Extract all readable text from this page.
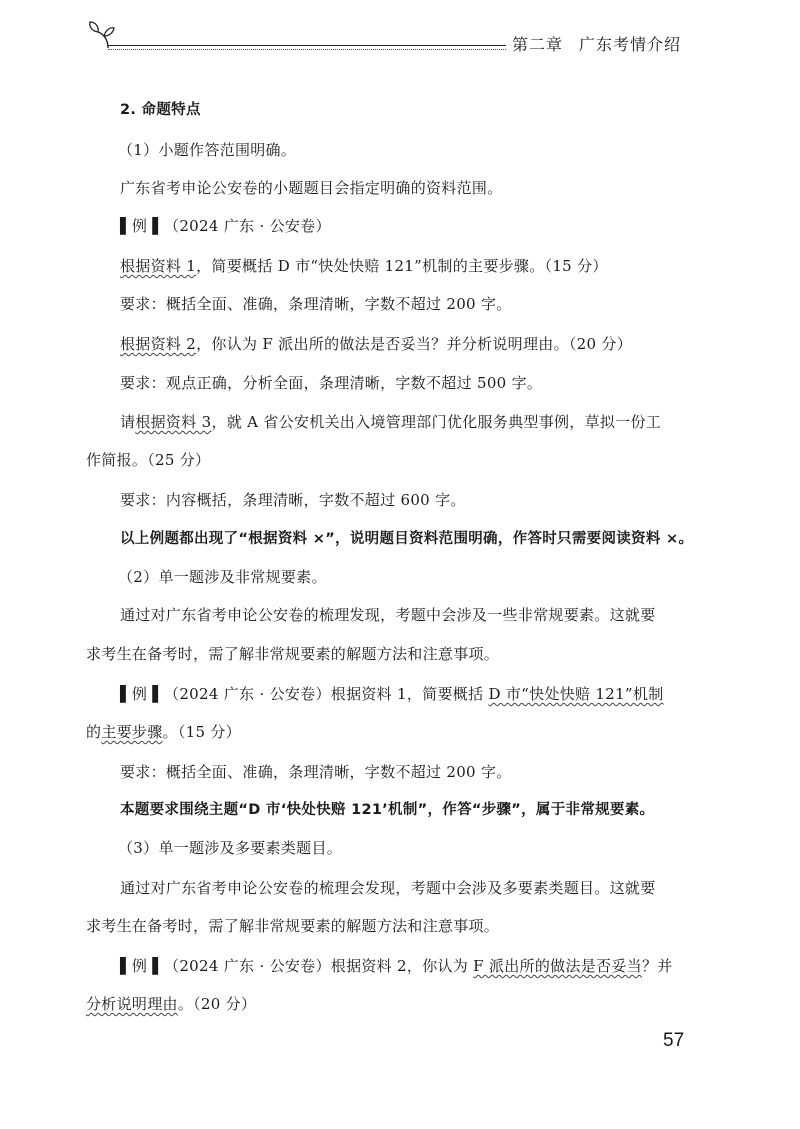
第二章 广东考情介绍
2. 命题特点
（1）小题作答范围明确。
广东省考申论公安卷的小题题目会指定明确的资料范围。
▌例 ▌（2024 广东 · 公安卷）
根据资料 1，简要概括 D 市“快处快赔 121”机制的主要步骤。（15 分）
要求：概括全面、准确，条理清晰，字数不超过 200 字。
根据资料 2，你认为 F 派出所的做法是否妥当？并分析说明理由。（20 分）
要求：观点正确，分析全面，条理清晰，字数不超过 500 字。
请根据资料 3，就 A 省公安机关出入境管理部门优化服务典型事例，草拟一份工
作简报。（25 分）
要求：内容概括，条理清晰，字数不超过 600 字。
以上例题都出现了“根据资料 ×”，说明题目资料范围明确，作答时只需要阅读资料 ×。
（2）单一题涉及非常规要素。
通过对广东省考申论公安卷的梳理发现，考题中会涉及一些非常规要素。这就要
求考生在备考时，需了解非常规要素的解题方法和注意事项。
▌例 ▌（2024 广东 · 公安卷）根据资料 1，简要概括 D 市“快处快赔 121”机制
的主要步骤。（15 分）
要求：概括全面、准确，条理清晰，字数不超过 200 字。
本题要求围绕主题“D 市‘快处快赔 121’机制”，作答“步骤”，属于非常规要素。
（3）单一题涉及多要素类题目。
通过对广东省考申论公安卷的梳理会发现，考题中会涉及多要素类题目。这就要
求考生在备考时，需了解非常规要素的解题方法和注意事项。
▌例 ▌（2024 广东 · 公安卷）根据资料 2，你认为 F 派出所的做法是否妥当？并
分析说明理由。（20 分）
57
